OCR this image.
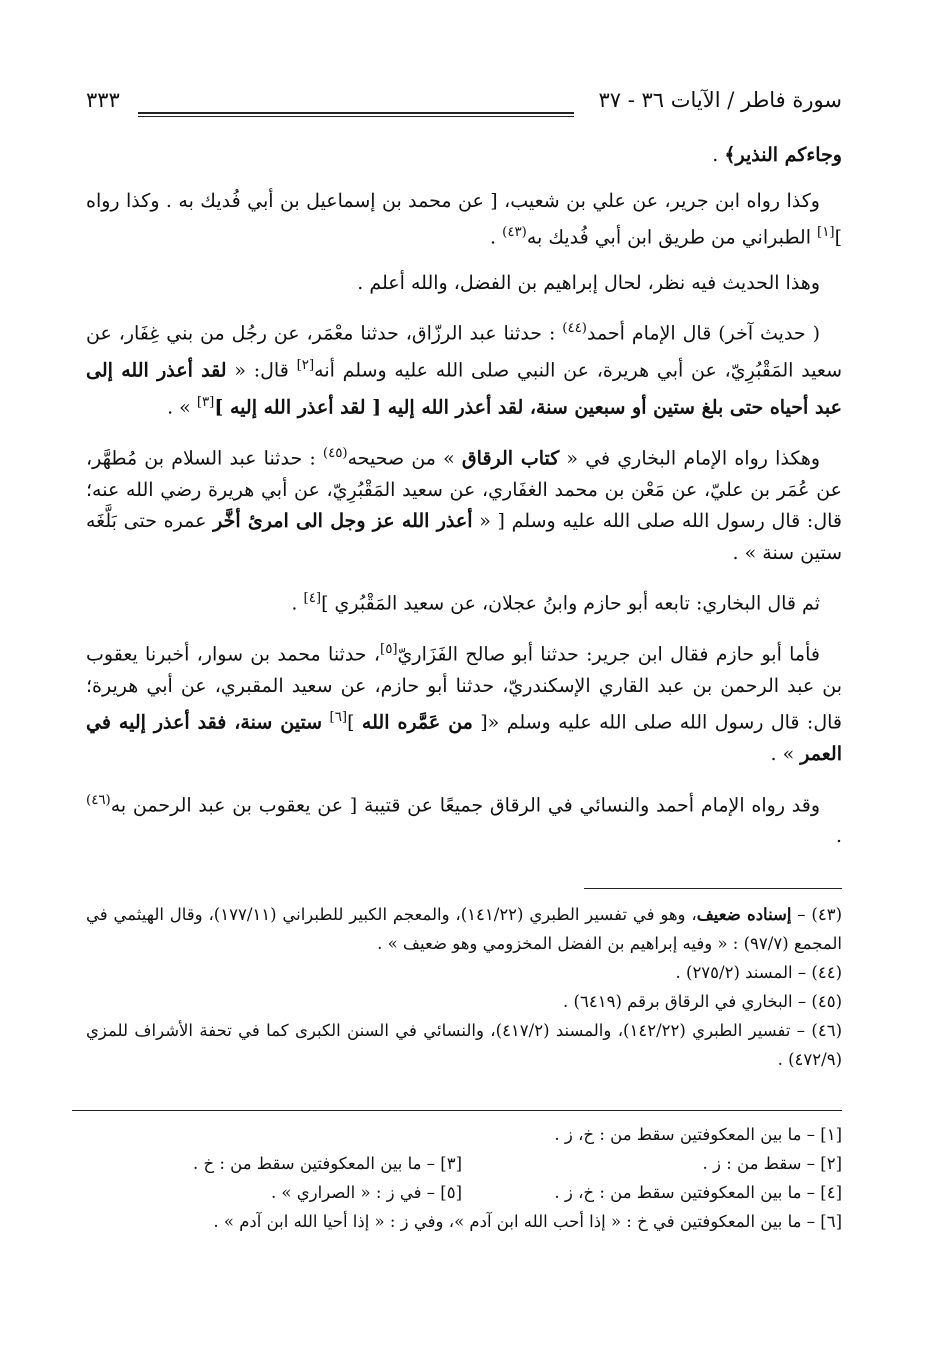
سورة فاطر / الآيات ٣٦ - ٣٧
٣٣٣

وجاءكم النذير﴾ .

وكذا رواه ابن جرير، عن علي بن شعيب، [ عن محمد بن إسماعيل بن أبي فُديك به . وكذا رواه ][١] الطبراني من طريق ابن أبي فُديك به$^{(٤٣)}$ .

وهذا الحديث فيه نظر، لحال إبراهيم بن الفضل، والله أعلم .

( حديث آخر) قال الإمام أحمد$^{(٤٤)}$ : حدثنا عبد الرزّاق، حدثنا معْمَر، عن رجُل من بني غِفَار، عن سعيد المَقْبُرِيّ، عن أبي هريرة، عن النبي صلى الله عليه وسلم أنه[٢] قال: « لقد أعذر الله إلى عبد أحياه حتى بلغ ستين أو سبعين سنة، لقد أعذر الله إليه [ لقد أعذر الله إليه ][٣] » .

وهكذا رواه الإمام البخاري في « كتاب الرقاق » من صحيحه$^{(٤٥)}$ : حدثنا عبد السلام بن مُطهَّر، عن عُمَر بن عليّ، عن مَعْن بن محمد الغفَاري، عن سعيد المَقْبُرِيّ، عن أبي هريرة رضي الله عنه؛ قال: قال رسول الله صلى الله عليه وسلم [ « أعذر الله عز وجل الى امرئ أخَّر عمره حتى بَلَّغَه ستين سنة » .

ثم قال البخاري: تابعه أبو حازم وابنُ عجلان، عن سعيد المَقْبُري ][٤] .

فأما أبو حازم فقال ابن جرير: حدثنا أبو صالح الفَزَاريّ[٥]، حدثنا محمد بن سوار، أخبرنا يعقوب بن عبد الرحمن بن عبد القاري الإسكندريّ، حدثنا أبو حازم، عن سعيد المقبري، عن أبي هريرة؛ قال: قال رسول الله صلى الله عليه وسلم «[ من عَمَّره الله ][٦] ستين سنة، فقد أعذر إليه في العمر » .

وقد رواه الإمام أحمد والنسائي في الرقاق جميعًا عن قتيبة [ عن يعقوب بن عبد الرحمن به$^{(٤٦)}$ .

(٤٣) – إسناده ضعيف، وهو في تفسير الطبري (١٤١/٢٢)، والمعجم الكبير للطبراني (١٧٧/١١)، وقال الهيثمي في المجمع (٩٧/٧) : « وفيه إبراهيم بن الفضل المخزومي وهو ضعيف » .

(٤٤) – المسند (٢٧٥/٢) .

(٤٥) – البخاري في الرقاق برقم (٦٤١٩) .

(٤٦) – تفسير الطبري (١٤٢/٢٢)، والمسند (٤١٧/٢)، والنسائي في السنن الكبرى كما في تحفة الأشراف للمزي (٤٧٢/٩) .

[١] – ما بين المعكوفتين سقط من : خ، ز .
[٢] – سقط من : ز .
[٣] – ما بين المعكوفتين سقط من : خ .
[٤] – ما بين المعكوفتين سقط من : خ، ز .
[٥] – في ز : « الصراري » .
[٦] – ما بين المعكوفتين في خ : « إذا أحب الله ابن آدم »، وفي ز : « إذا أحيا الله ابن آدم » .
